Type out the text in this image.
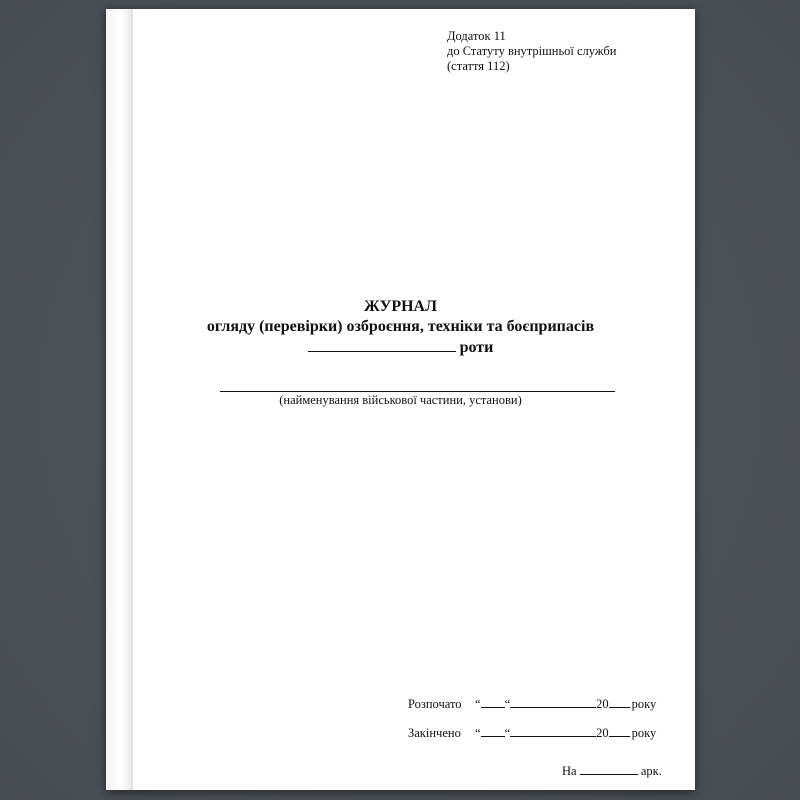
Додаток 11
до Статуту внутрішньої служби
(стаття 112)
ЖУРНАЛ
огляду (перевірки) озброєння, техніки та боєприпасів
роти
(найменування військової частини, установи)
Розпочато “ “	20 року
Закінчено “ “	20 року
На	арк.
